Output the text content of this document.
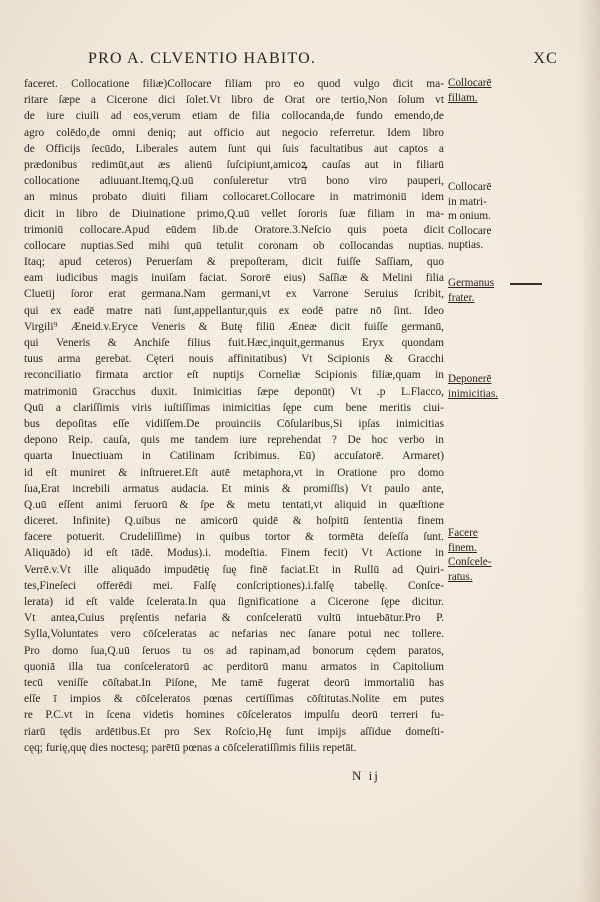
PRO A. CLVENTIO HABITO.	XC
faceret. Collocatione filiæ)Collocare filiam pro eo quod vulgo dicit ma-
ritare ſæpe a Cicerone dici ſolet.Vt libro de Orat ore tertio,Non ſolum vt
de iure ciuili ad eos,verum etiam de filia collocanda,de fundo emendo,de
agro colēdo,de omni deniq; aut officio aut negocio referretur. Idem libro
de Officijs ſecūdo, Liberales autem ſunt qui ſuis facultatibus aut captos a
prædonibus redimūt,aut æs alienū ſuſcipiunt,amicoꝝ cauſas aut in filiarū
collocatione adiuuant.Itemq,Q.uū conſuleretur vtrū bono viro pauperi,
an minus probato diuiti filiam collocaret.Collocare in matrimoniū idem
dicit in libro de Diuinatione primo,Q.uū vellet ſororis ſuæ filiam in ma-
trimoniū collocare.Apud eūdem lib.de Oratore.3.Neſcio quis poeta dicit
collocare nuptias.Sed mihi quū tetulit coronam ob collocandas nuptias.
Itaq; apud ceteros) Peruerſam & prepoſteram, dicit fuiſſe Saſſiam, quo
eam iudicibus magis inuiſam faciat. Sororē eius) Saſſiæ & Melini filia
Cluetij ſoror erat germana.Nam germani,vt ex Varrone Seruius ſcribit,
qui ex eadē matre nati ſunt,appellantur,quis ex eodē patre nō ſint. Ideo
Virgili⁹ Æneid.v.Eryce Veneris & Butę filiū Æneæ dicit fuiſſe germanū,
qui Veneris & Anchiſe filius fuit.Hæc,inquit,germanus Eryx quondam
tuus arma gerebat. Cęteri nouis affinitatibus) Vt Scipionis & Gracchi
reconciliatio firmata arctior eſt nuptijs Corneliæ Scipionis filiæ,quam in
matrimoniū Gracchus duxit. Inimicitias ſæpe deponūt) Vt .p L.Flacco,
Quū a clariſſimis viris iuſtiſſimas inimicitias ſępe cum bene meritis ciui-
bus depoſitas eſſe vidiſſem.De prouinciis Cōſularibus,Si ipſas inimicitias
depono Reip. cauſa, quis me tandem iure reprehendat ? De hoc verbo in
quarta Inuectiuam in Catilinam ſcribimus. Eū) accuſatorē. Armaret)
id eſt muniret & inſtrueret.Eſt autē metaphora,vt in Oratione pro domo
ſua,Erat increbili armatus audacia. Et minis & promiſſis) Vt paulo ante,
Q.uū eſſent animi feruorū & ſpe & metu tentati,vt aliquid in quæſtione
diceret. Infinite) Q.uibus ne amicorū quidē & hoſpitū ſententia finem
facere potuerit. Crudeliſſime) in quibus tortor & tormēta deſeſſa ſunt.
Aliquādo) id eſt tādē. Modus).i. modeſtia. Finem fecit) Vt Actione in
Verrē.v.Vt ille aliquādo impudētię ſuę finē faciat.Et in Rullū ad Quiri-
tes,Fineſeci offerēdi mei. Falſę conſcriptiones).i.falſę tabellę. Conſce-
lerata) id eſt valde ſcelerata.In qua ſignificatione a Cicerone ſępe dicitur.
Vt antea,Cuius pręſentis nefaria & conſceleratū vultū intuebātur.Pro P.
Sylla,Voluntates vero cōſceleratas ac nefarias nec ſanare potui nec tollere.
Pro domo ſua,Q.uū ſeruos tu os ad rapinam,ad bonorum cędem paratos,
quoniā illa tua conſceleratorū ac perditorū manu armatos in Capitolium
tecū veniſſe cōſtabat.In Piſone, Me tamē fugerat deorū immortaliū has
eſſe ī impios & cōſceleratos pœnas certiſſimas cōſtitutas.Nolite em putes
re P.C.vt in ſcena videtis homines cōſceleratos impulſu deorū terreri fu-
riarū tędis ardētibus.Et pro Sex Roſcio,Hę ſunt impijs aſſidue domeſti-
cęq; furię,quę dies noctesq; parētū pœnas a cōſceleratiſſimis filiis repetāt.
N ij
Collocarē
filiam.
Collocarē
in matri-
m onium.
Collocare
nuptias.
Germanus
frater.
Deponerē
inimicitias.
Facere
finem.
Conſcele-
ratus.
